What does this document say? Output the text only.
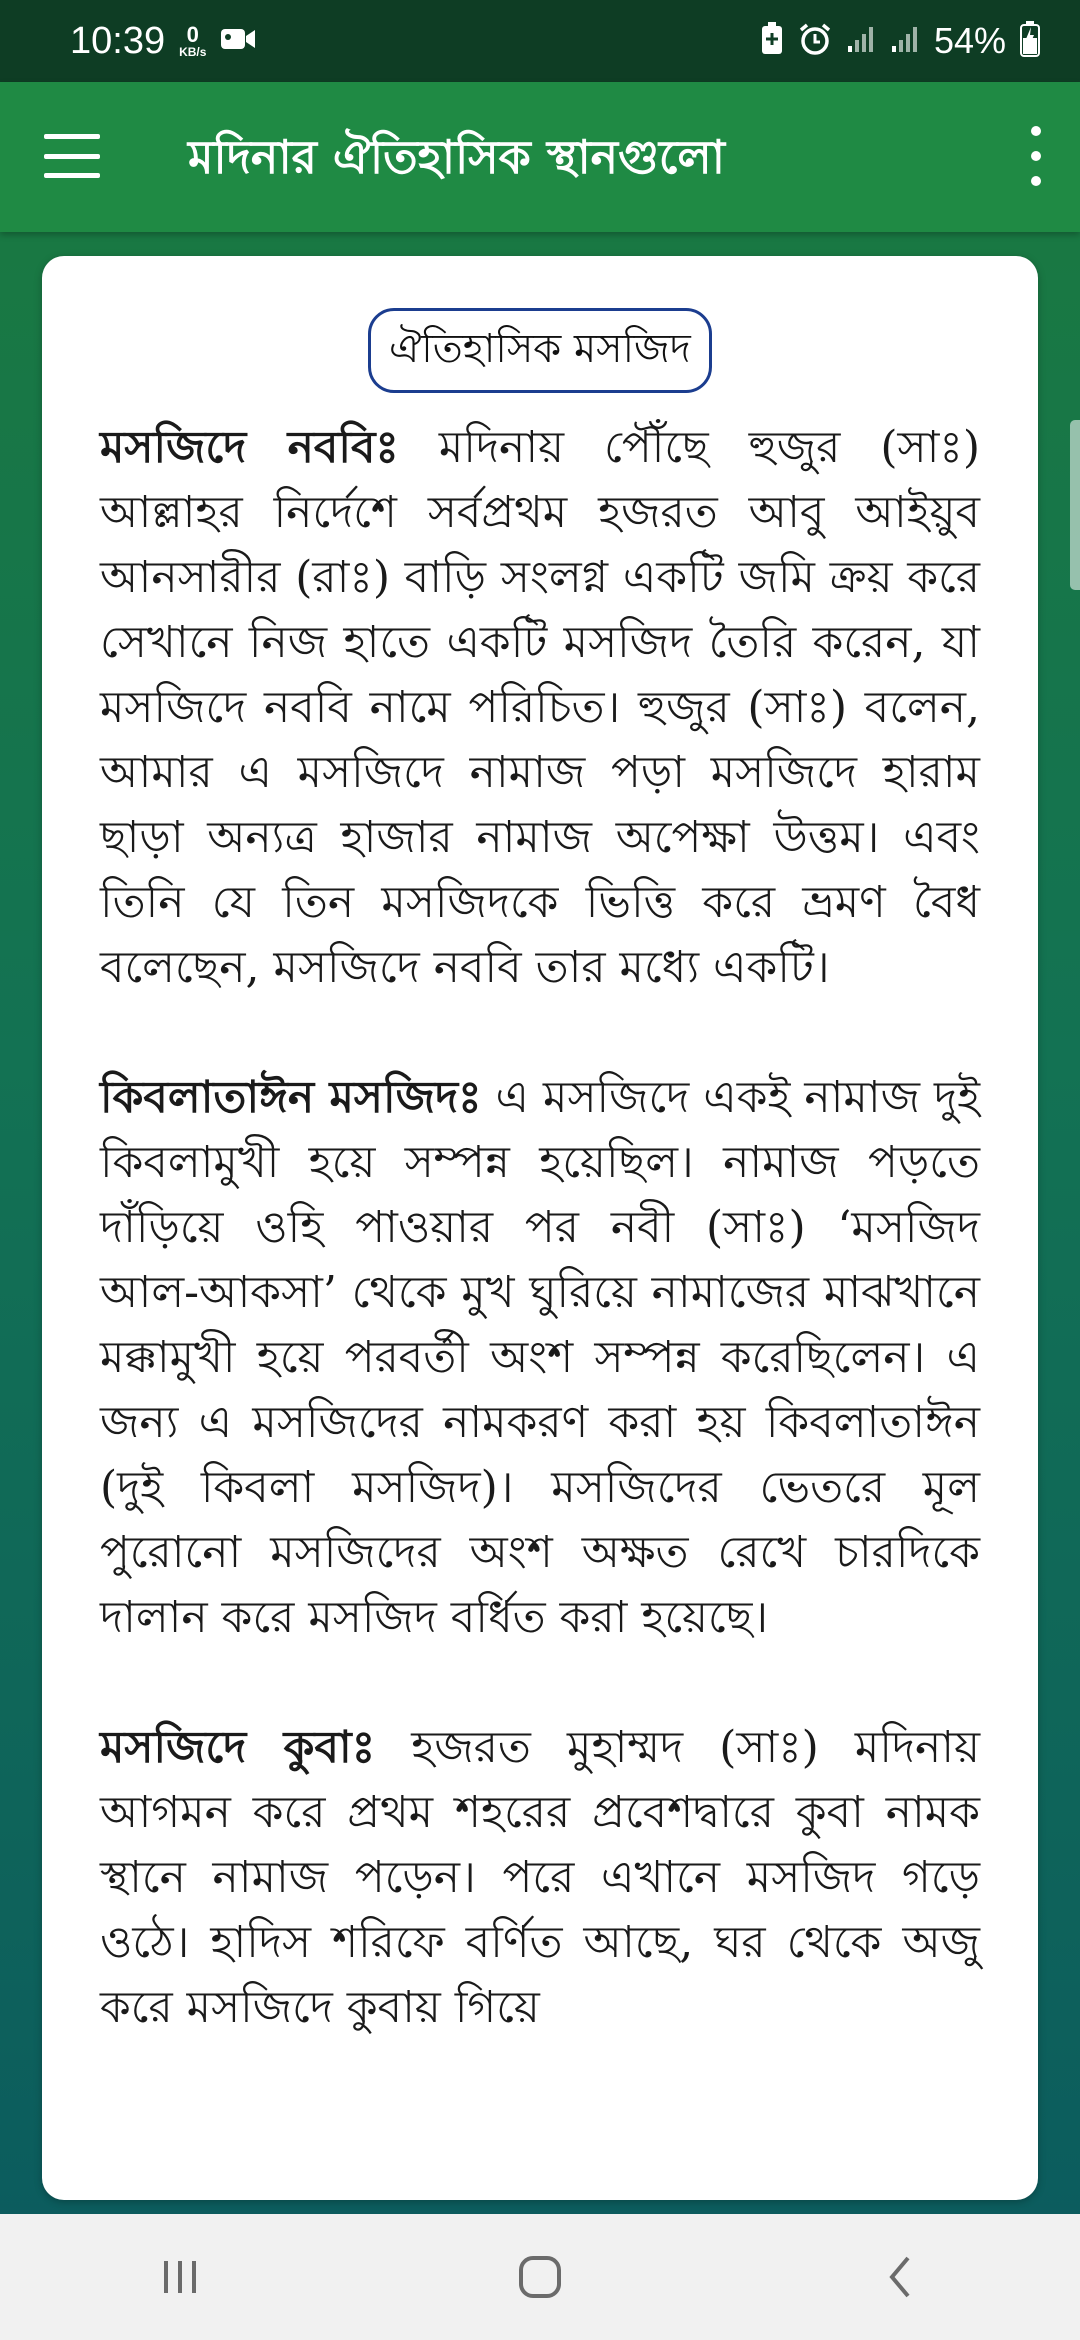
10:39 0
KB/s	54%
মদিনার ঐতিহাসিক স্থানগুলো
ঐতিহাসিক মসজিদ

মসজিদে নববিঃ মদিনায় পৌঁছে হুজুর (সাঃ) আল্লাহর নির্দেশে সর্বপ্রথম হজরত আবু আইয়ুব আনসারীর (রাঃ) বাড়ি সংলগ্ন একটি জমি ক্রয় করে সেখানে নিজ হাতে একটি মসজিদ তৈরি করেন, যা মসজিদে নববি নামে পরিচিত। হুজুর (সাঃ) বলেন, আমার এ মসজিদে নামাজ পড়া মসজিদে হারাম ছাড়া অন্যত্র হাজার নামাজ অপেক্ষা উত্তম। এবং তিনি যে তিন মসজিদকে ভিত্তি করে ভ্রমণ বৈধ বলেছেন, মসজিদে নববি তার মধ্যে একটি।

কিবলাতাঈন মসজিদঃ এ মসজিদে একই নামাজ দুই কিবলামুখী হয়ে সম্পন্ন হয়েছিল। নামাজ পড়তে দাঁড়িয়ে ওহি পাওয়ার পর নবী (সাঃ) ‘মসজিদ আল-আকসা’ থেকে মুখ ঘুরিয়ে নামাজের মাঝখানে মক্কামুখী হয়ে পরবর্তী অংশ সম্পন্ন করেছিলেন। এ জন্য এ মসজিদের নামকরণ করা হয় কিবলাতাঈন (দুই কিবলা মসজিদ)। মসজিদের ভেতরে মূল পুরোনো মসজিদের অংশ অক্ষত রেখে চারদিকে দালান করে মসজিদ বর্ধিত করা হয়েছে।

মসজিদে কুবাঃ হজরত মুহাম্মদ (সাঃ) মদিনায় আগমন করে প্রথম শহরের প্রবেশদ্বারে কুবা নামক স্থানে নামাজ পড়েন। পরে এখানে মসজিদ গড়ে ওঠে। হাদিস শরিফে বর্ণিত আছে, ঘর থেকে অজু করে মসজিদে কুবায় গিয়ে
